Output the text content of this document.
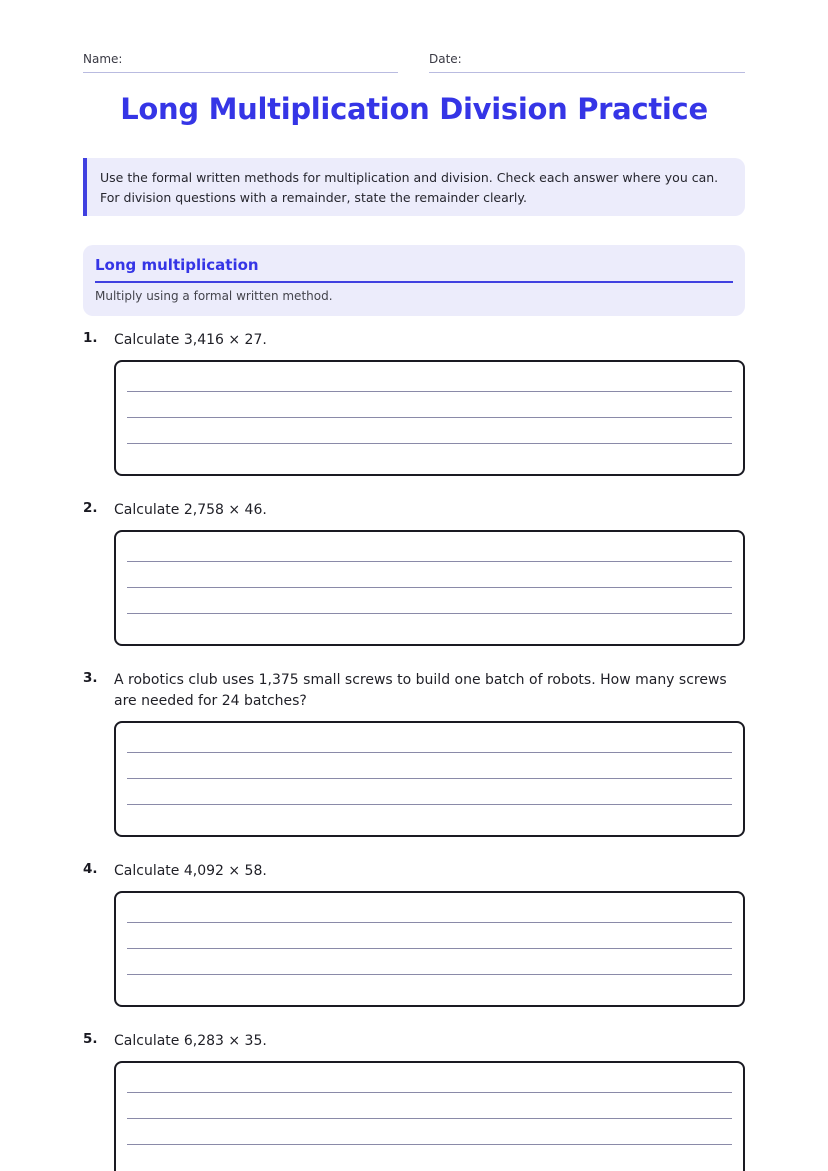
Name:	Date:
Long Multiplication Division Practice

Use the formal written methods for multiplication and division. Check each answer where you can. For division questions with a remainder, state the remainder clearly.

Long multiplication
Multiply using a formal written method.
1. Calculate 3,416 × 27.
2. Calculate 2,758 × 46.
3. A robotics club uses 1,375 small screws to build one batch of robots. How many screws are needed for 24 batches?
4. Calculate 4,092 × 58.
5. Calculate 6,283 × 35.
